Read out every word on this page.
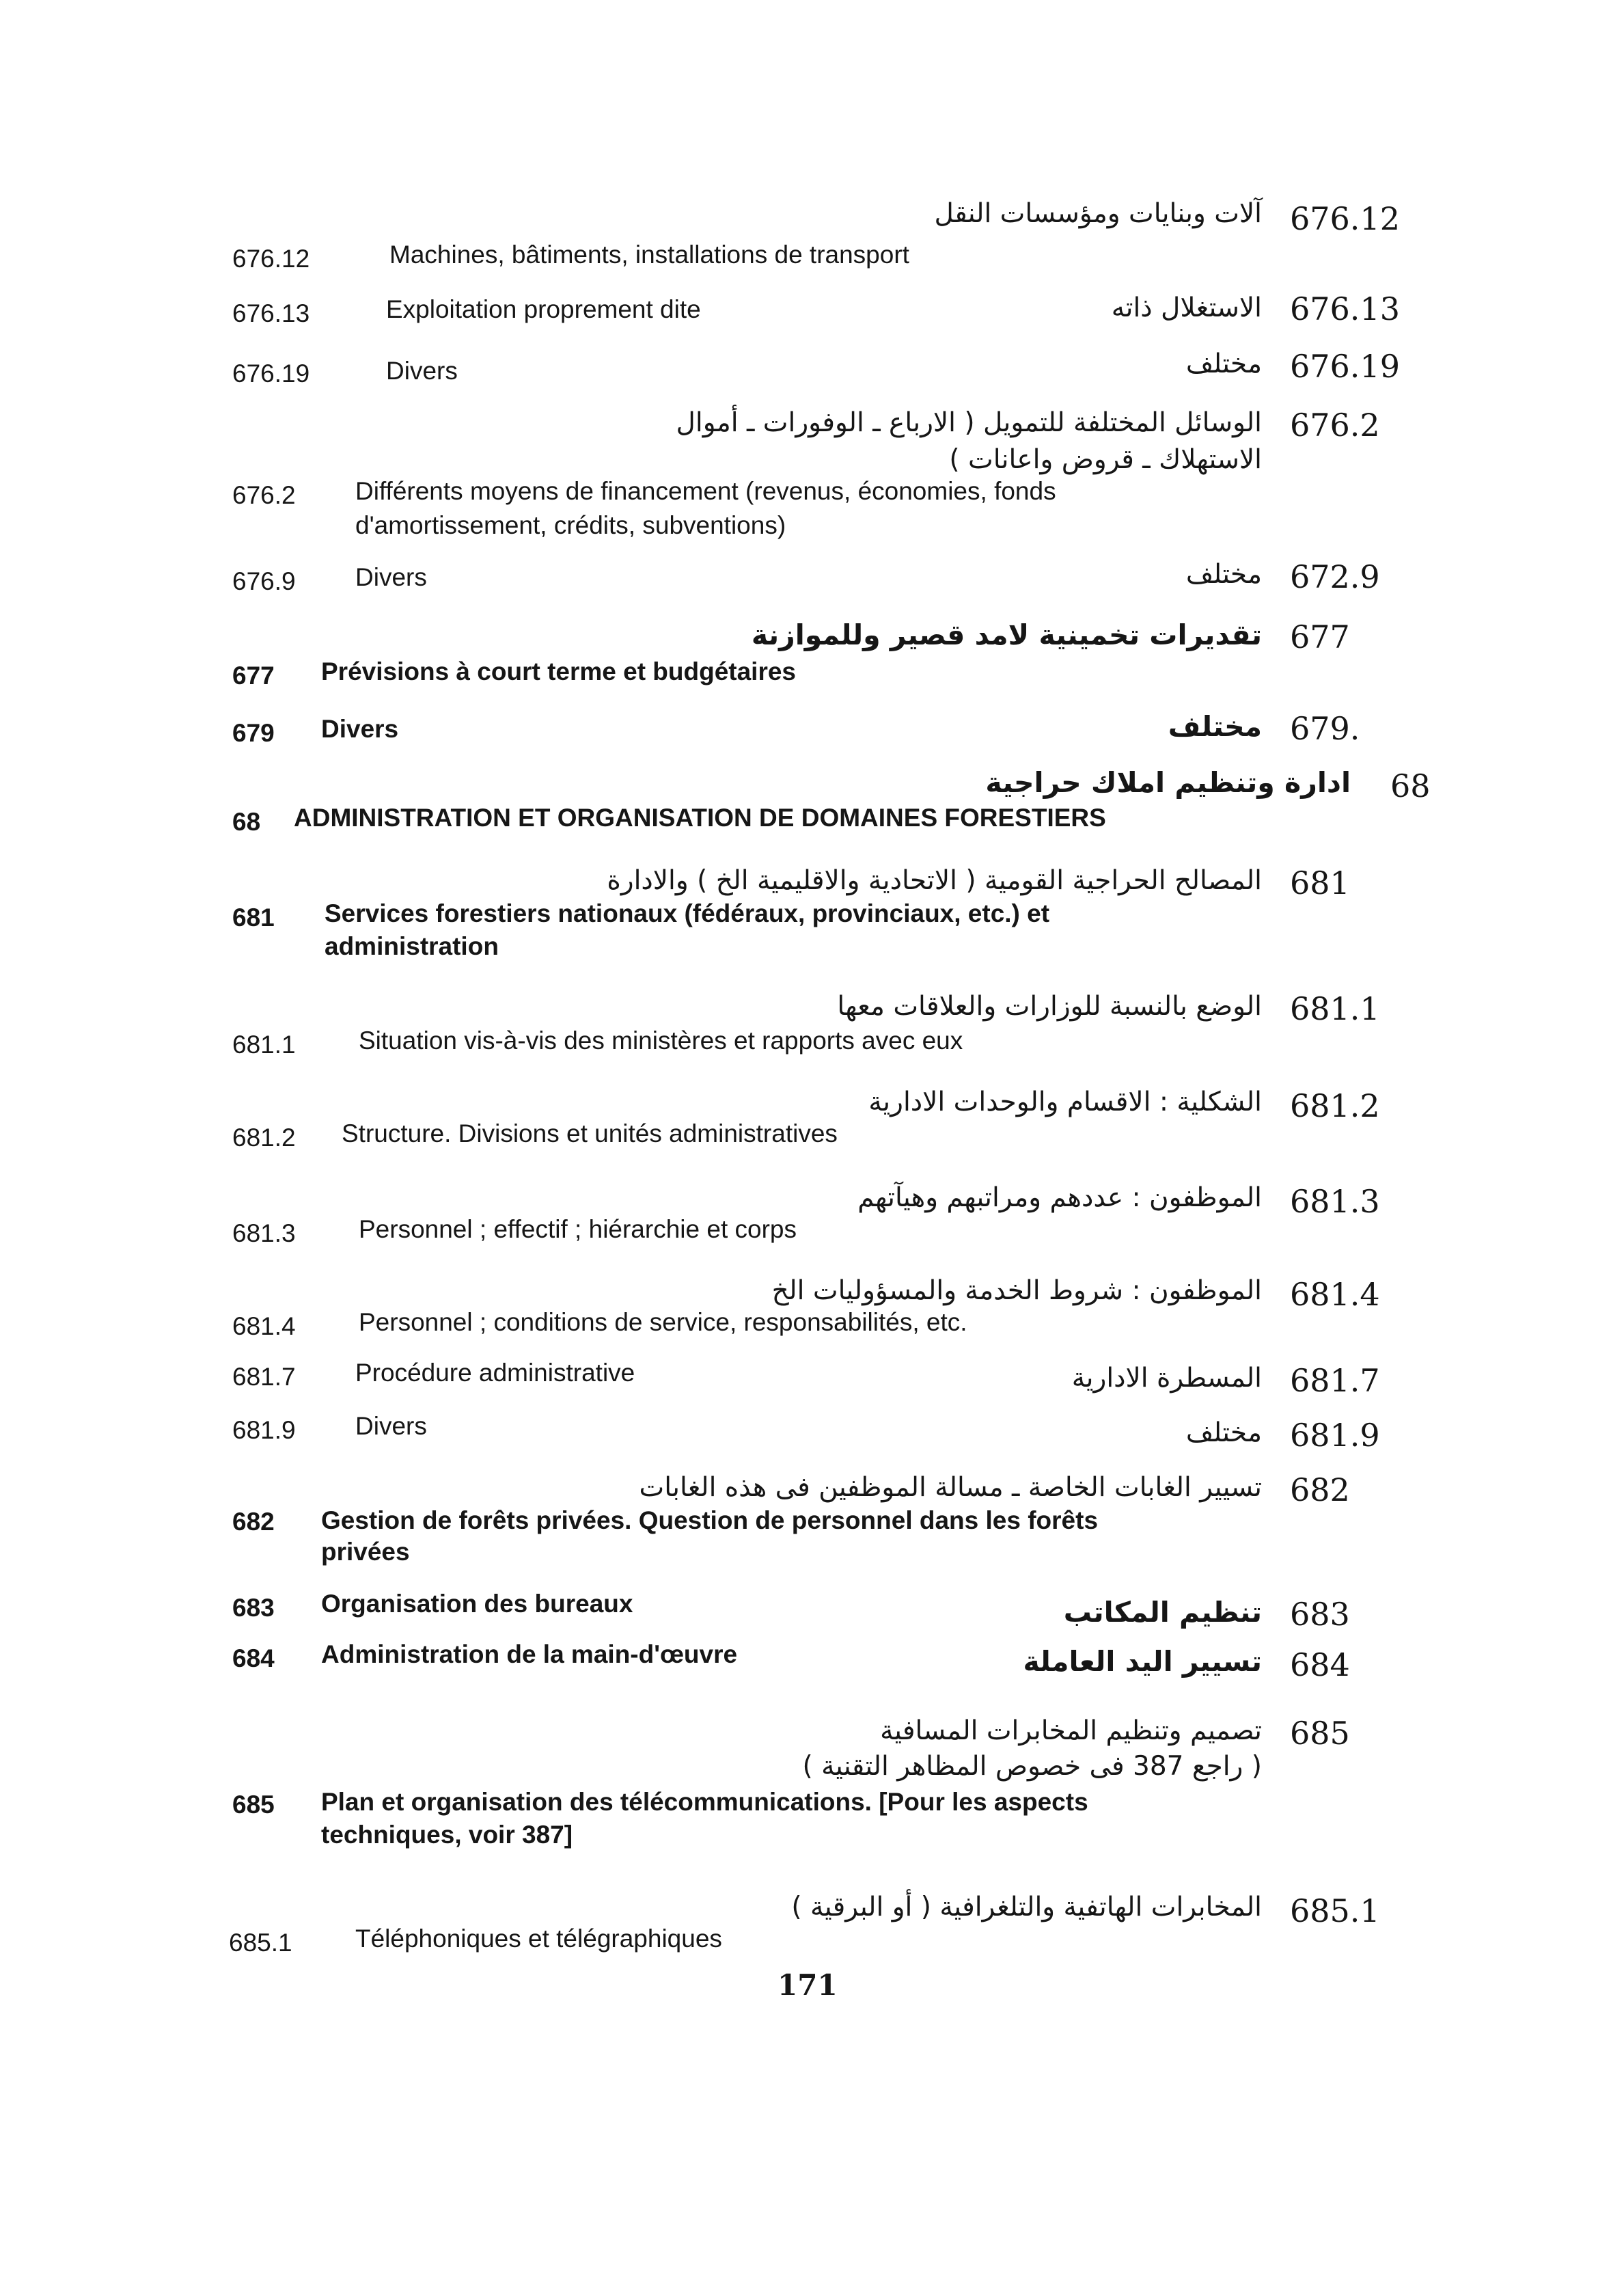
آلات وبنايات ومؤسسات النقل 676.12
676.12	Machines, bâtiments, installations de transport
676.13	Exploitation proprement dite	الاستغلال ذاته 676.13
676.19	Divers	مختلف 676.19
الوسائل المختلفة للتمويل ( الارباع ـ الوفورات ـ أموال 676.2
الاستهلاك ـ قروض واعانات )
676.2 Différents moyens de financement (revenus, économies, fonds
d'amortissement, crédits, subventions)
676.9 Divers	مختلف 672.9
تقديرات تخمينية لامد قصير وللموازنة 677
677 Prévisions à court terme et budgétaires
679 Divers	مختلف 679.
ادارة وتنظيم املاك حراجية 68
68 ADMINISTRATION ET ORGANISATION DE DOMAINES FORESTIERS
المصالح الحراجية القومية ( الاتحادية والاقليمية الخ ) والادارة 681
681 Services forestiers nationaux (fédéraux, provinciaux, etc.) et
administration
الوضع بالنسبة للوزارات والعلاقات معها 681.1
681.1 Situation vis-à-vis des ministères et rapports avec eux
الشكلية : الاقسام والوحدات الادارية 681.2
681.2 Structure. Divisions et unités administratives
الموظفون : عددهم ومراتبهم وهيآتهم 681.3
681.3 Personnel ; effectif ; hiérarchie et corps
الموظفون : شروط الخدمة والمسؤوليات الخ 681.4
681.4 Personnel ; conditions de service, responsabilités, etc.
681.7 Procédure administrative	المسطرة الادارية 681.7
681.9 Divers	مختلف 681.9
تسيير الغابات الخاصة ـ مسالة الموظفين فى هذه الغابات 682
682 Gestion de forêts privées. Question de personnel dans les forêts
privées
683 Organisation des bureaux	تنظيم المكاتب 683
684 Administration de la main-d'œuvre	تسيير اليد العاملة 684
تصميم وتنظيم المخابرات المسافية 685
( راجع 387 فى خصوص المظاهر التقنية )
685 Plan et organisation des télécommunications. [Pour les aspects
techniques, voir 387]
المخابرات الهاتفية والتلغرافية ( أو البرقية ) 685.1
685.1 Téléphoniques et télégraphiques
171
